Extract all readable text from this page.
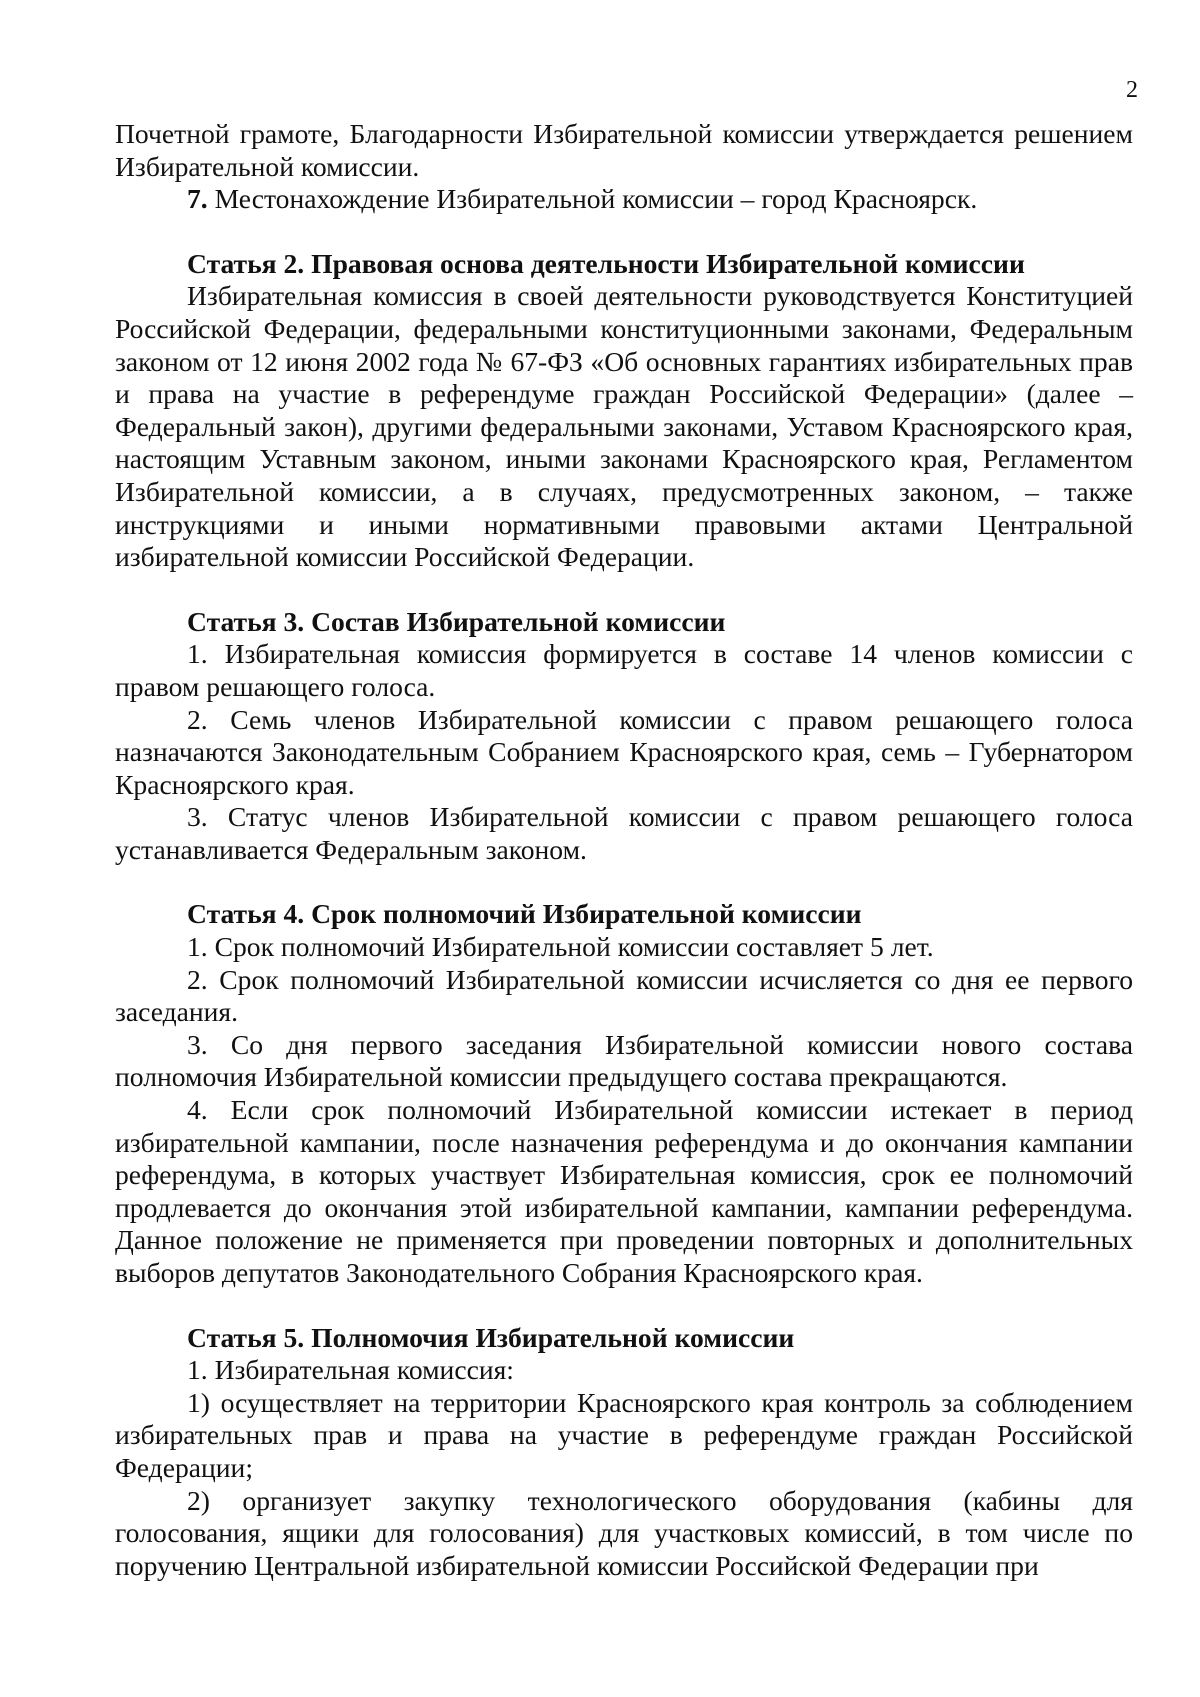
2

Почетной грамоте, Благодарности Избирательной комиссии утверждается решением Избирательной комиссии.

7. Местонахождение Избирательной комиссии – город Красноярск.

Статья 2. Правовая основа деятельности Избирательной комиссии

Избирательная комиссия в своей деятельности руководствуется Конституцией Российской Федерации, федеральными конституционными законами, Федеральным законом от 12 июня 2002 года № 67-ФЗ «Об основных гарантиях избирательных прав и права на участие в референдуме граждан Российской Федерации» (далее – Федеральный закон), другими федеральными законами, Уставом Красноярского края, настоящим Уставным законом, иными законами Красноярского края, Регламентом Избирательной комиссии, а в случаях, предусмотренных законом, – также инструкциями и иными нормативными правовыми актами Центральной избирательной комиссии Российской Федерации.

Статья 3. Состав Избирательной комиссии

1. Избирательная комиссия формируется в составе 14 членов комиссии с правом решающего голоса.

2. Семь членов Избирательной комиссии с правом решающего голоса назначаются Законодательным Собранием Красноярского края, семь – Губернатором Красноярского края.

3. Статус членов Избирательной комиссии с правом решающего голоса устанавливается Федеральным законом.

Статья 4. Срок полномочий Избирательной комиссии

1. Срок полномочий Избирательной комиссии составляет 5 лет.

2. Срок полномочий Избирательной комиссии исчисляется со дня ее первого заседания.

3. Со дня первого заседания Избирательной комиссии нового состава полномочия Избирательной комиссии предыдущего состава прекращаются.

4. Если срок полномочий Избирательной комиссии истекает в период избирательной кампании, после назначения референдума и до окончания кампании референдума, в которых участвует Избирательная комиссия, срок ее полномочий продлевается до окончания этой избирательной кампании, кампании референдума. Данное положение не применяется при проведении повторных и дополнительных выборов депутатов Законодательного Собрания Красноярского края.

Статья 5. Полномочия Избирательной комиссии

1. Избирательная комиссия:

1) осуществляет на территории Красноярского края контроль за соблюдением избирательных прав и права на участие в референдуме граждан Российской Федерации;

2) организует закупку технологического оборудования (кабины для голосования, ящики для голосования) для участковых комиссий, в том числе по поручению Центральной избирательной комиссии Российской Федерации при
